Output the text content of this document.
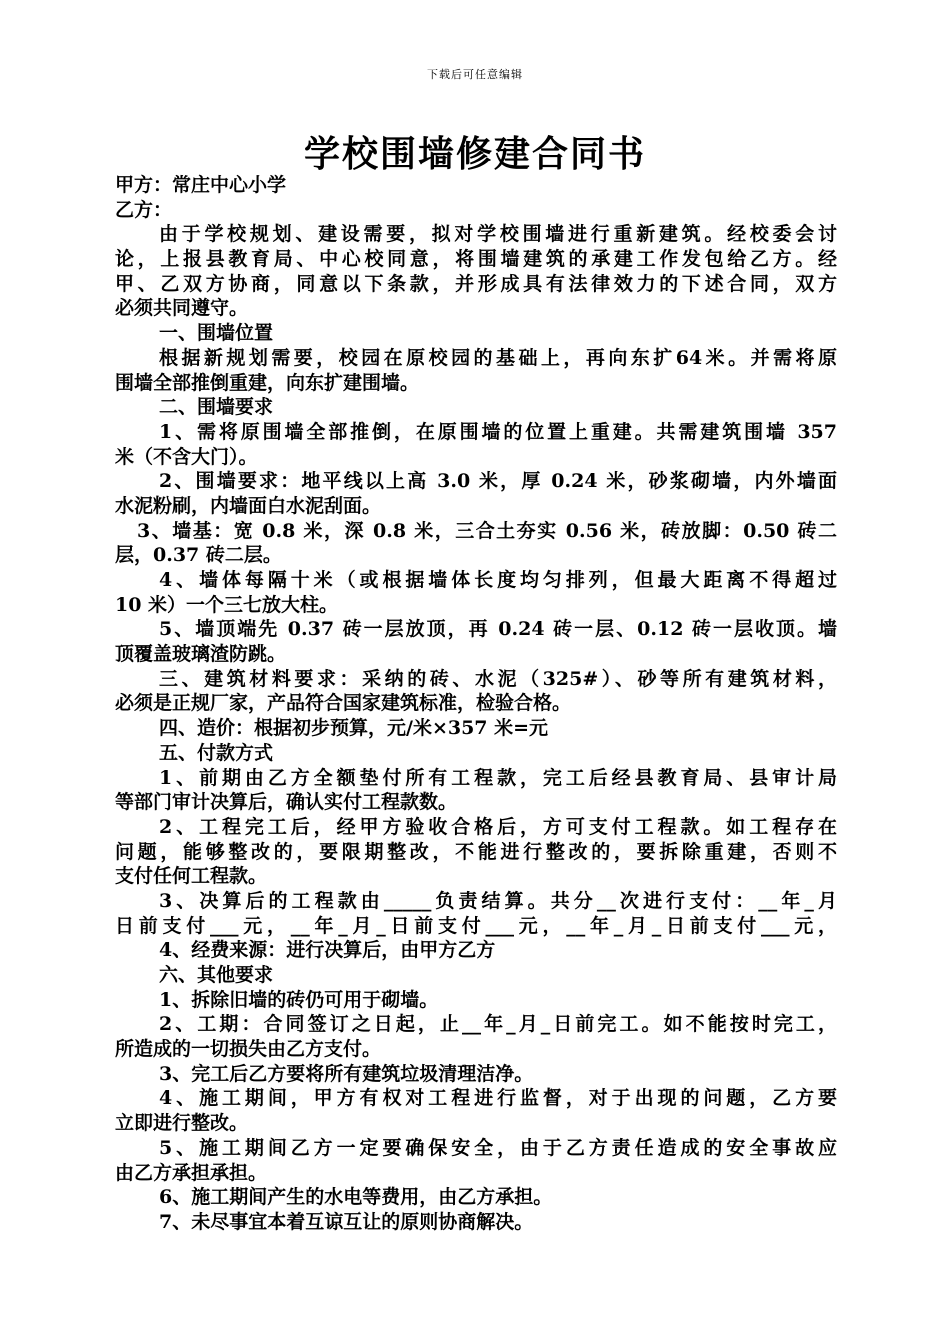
下载后可任意编辑
学校围墙修建合同书
甲方：常庄中心小学
乙方：
由于学校规划、建设需要，拟对学校围墙进行重新建筑。经校委会讨
论，上报县教育局、中心校同意，将围墙建筑的承建工作发包给乙方。经
甲、乙双方协商，同意以下条款，并形成具有法律效力的下述合同，双方
必须共同遵守。
一、围墙位置
根据新规划需要，校园在原校园的基础上，再向东扩64米。并需将原
围墙全部推倒重建，向东扩建围墙。
二、围墙要求
1、需将原围墙全部推倒，在原围墙的位置上重建。共需建筑围墙 357
米（不含大门）。
2、围墙要求：地平线以上高 3.0 米，厚 0.24 米，砂浆砌墙，内外墙面
水泥粉刷，内墙面白水泥刮面。
3、墙基：宽 0.8 米，深 0.8 米，三合土夯实 0.56 米，砖放脚：0.50 砖二
层，0.37 砖二层。
4、墙体每隔十米（或根据墙体长度均匀排列，但最大距离不得超过
10 米）一个三七放大柱。
5、墙顶端先 0.37 砖一层放顶，再 0.24 砖一层、0.12 砖一层收顶。墙
顶覆盖玻璃渣防跳。
三、建筑材料要求：采纳的砖、水泥（325#）、砂等所有建筑材料，
必须是正规厂家，产品符合国家建筑标准，检验合格。
四、造价：根据初步预算，元/米×357 米=元
五、付款方式
1、前期由乙方全额垫付所有工程款，完工后经县教育局、县审计局
等部门审计决算后，确认实付工程款数。
2、工程完工后，经甲方验收合格后，方可支付工程款。如工程存在
问题，能够整改的，要限期整改，不能进行整改的，要拆除重建，否则不
支付任何工程款。
3、决算后的工程款由_____负责结算。共分__次进行支付：__年_月
日前支付___元，__年_月_日前支付___元，__年_月_日前支付___元，
4、经费来源：进行决算后，由甲方乙方
六、其他要求
1、拆除旧墙的砖仍可用于砌墙。
2、工期：合同签订之日起，止__年_月_日前完工。如不能按时完工，
所造成的一切损失由乙方支付。
3、完工后乙方要将所有建筑垃圾清理洁净。
4、施工期间，甲方有权对工程进行监督，对于出现的问题，乙方要
立即进行整改。
5、施工期间乙方一定要确保安全，由于乙方责任造成的安全事故应
由乙方承担承担。
6、施工期间产生的水电等费用，由乙方承担。
7、未尽事宜本着互谅互让的原则协商解决。
